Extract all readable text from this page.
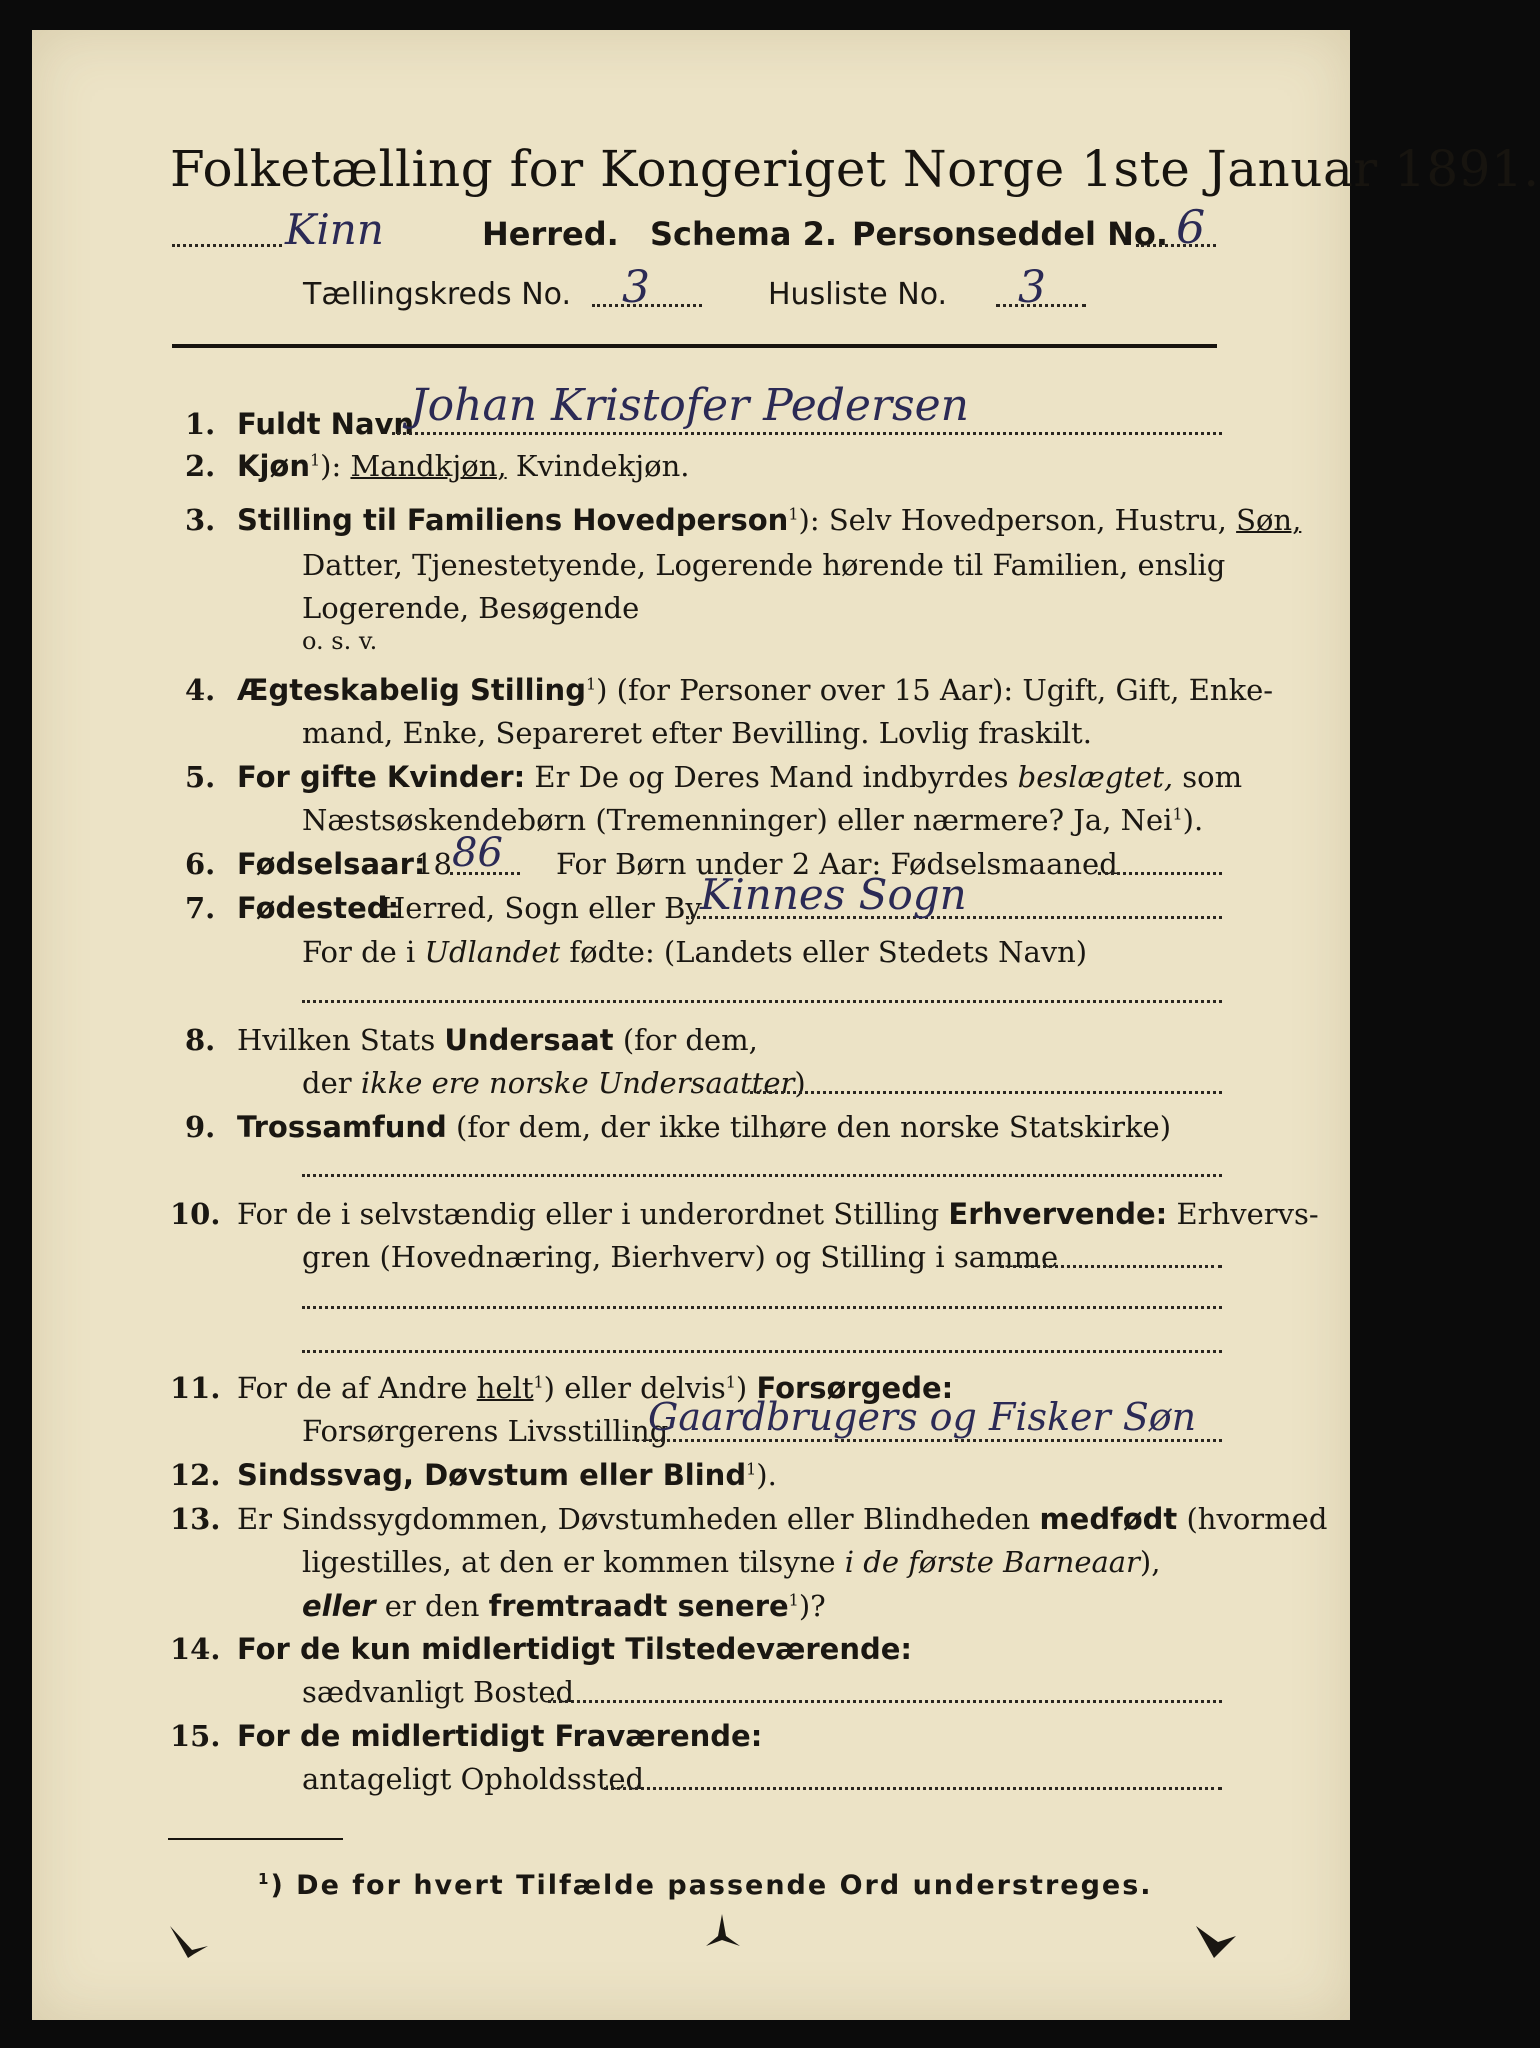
Folketælling for Kongeriget Norge 1ste Januar 1891.
Kinn	Herred. Schema 2. Personseddel No. 6
Tællingskreds No. 3	Husliste No. 3
1. Fuldt Navn
Johan Kristofer Pedersen
2. Kjøn$^1$): Mandkjøn, Kvindekjøn.
3. Stilling til Familiens Hovedperson$^1$): Selv Hovedperson, Hustru, Søn,
Datter, Tjenestetyende, Logerende hørende til Familien, enslig
Logerende, Besøgende
o. s. v.
4. Ægteskabelig Stilling$^1$) (for Personer over 15 Aar): Ugift, Gift, Enke-
mand, Enke, Separeret efter Bevilling. Lovlig fraskilt.
5. For gifte Kvinder: Er De og Deres Mand indbyrdes beslægtet, som
Næstsøskendebørn (Tremenninger) eller nærmere? Ja, Nei$^1$).
6. Fødselsaar:
18 86 For Børn under 2 Aar: Fødselsmaaned
7. Fødested:
Herred, Sogn eller By
Kinnes Sogn
For de i Udlandet fødte: (Landets eller Stedets Navn)
8. Hvilken Stats Undersaat (for dem,
der ikke ere norske Undersaatter)
9. Trossamfund (for dem, der ikke tilhøre den norske Statskirke)
10. For de i selvstændig eller i underordnet Stilling Erhvervende: Erhvervs-
gren (Hovednæring, Bierhverv) og Stilling i samme
11. For de af Andre helt$^1$) eller delvis$^1$) Forsørgede:
Forsørgerens Livsstilling
Gaardbrugers og Fisker Søn
12. Sindssvag, Døvstum eller Blind$^1$).
13. Er Sindssygdommen, Døvstumheden eller Blindheden medfødt (hvormed
ligestilles, at den er kommen tilsyne i de første Barneaar),
eller er den fremtraadt senere$^1$)?
14. For de kun midlertidigt Tilstedeværende:
sædvanligt Bosted
15. For de midlertidigt Fraværende:
antageligt Opholdssted
$^1$) De for hvert Tilfælde passende Ord understreges.
